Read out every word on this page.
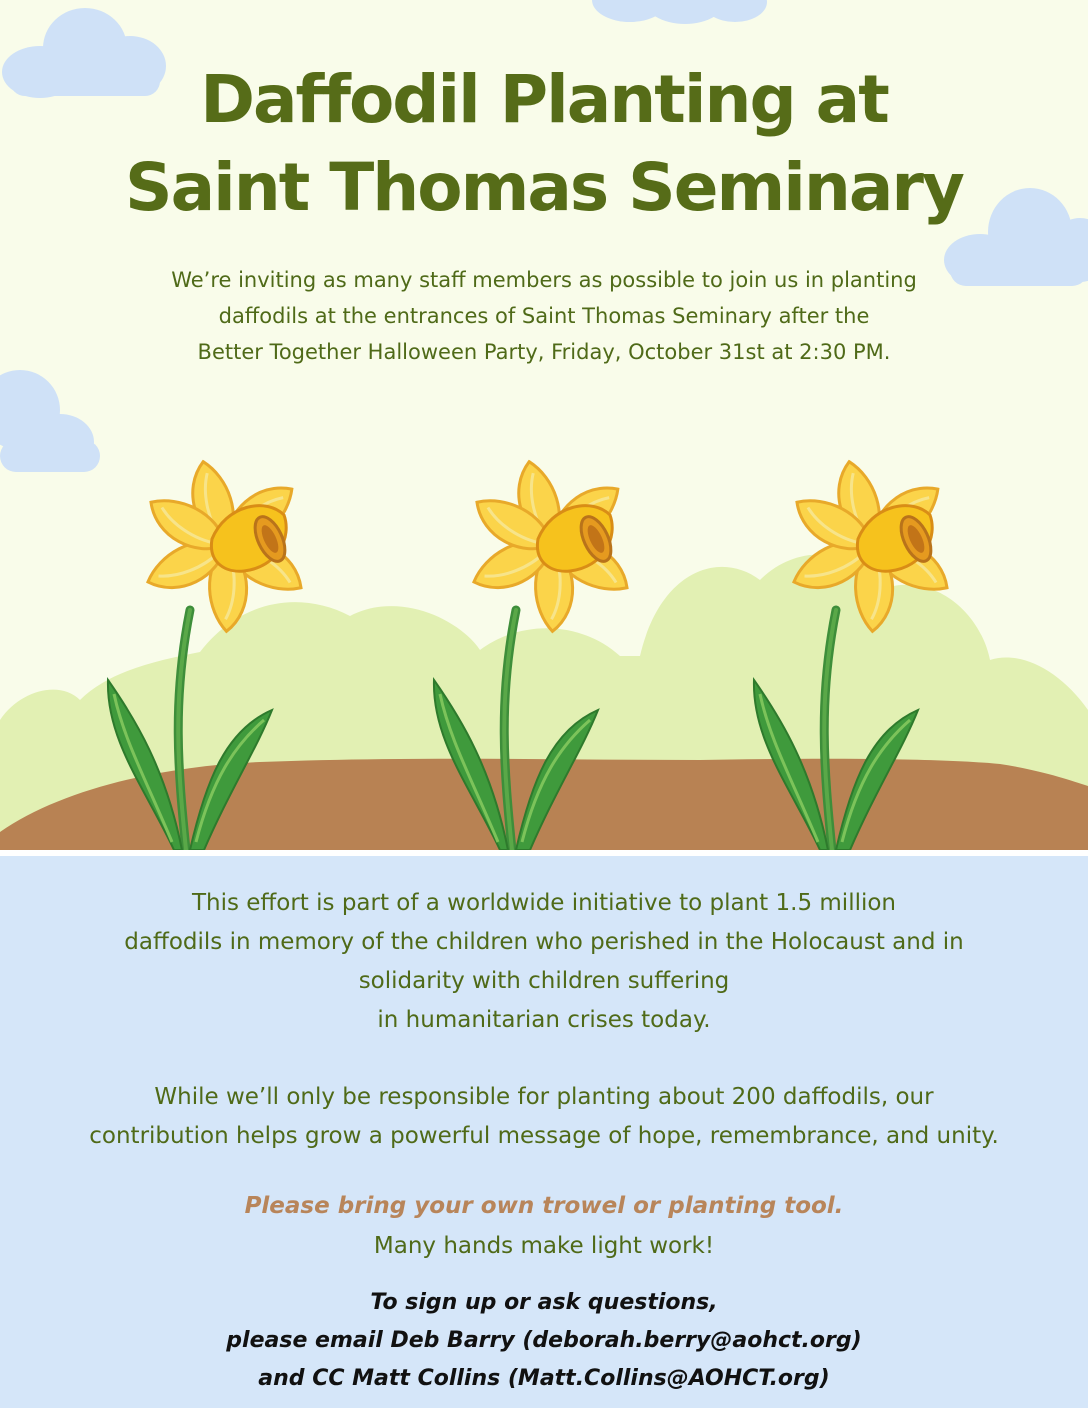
Daffodil Planting at
Saint Thomas Seminary
We’re inviting as many staff members as possible to join us in planting
daffodils at the entrances of Saint Thomas Seminary after the
Better Together Halloween Party, Friday, October 31st at 2:30 PM.
This effort is part of a worldwide initiative to plant 1.5 million
daffodils in memory of the children who perished in the Holocaust and in
solidarity with children suffering
in humanitarian crises today.
While we’ll only be responsible for planting about 200 daffodils, our
contribution helps grow a powerful message of hope, remembrance, and unity.
Please bring your own trowel or planting tool.
Many hands make light work!
To sign up or ask questions,
please email Deb Barry (deborah.berry@aohct.org)
and CC Matt Collins (Matt.Collins@AOHCT.org)
